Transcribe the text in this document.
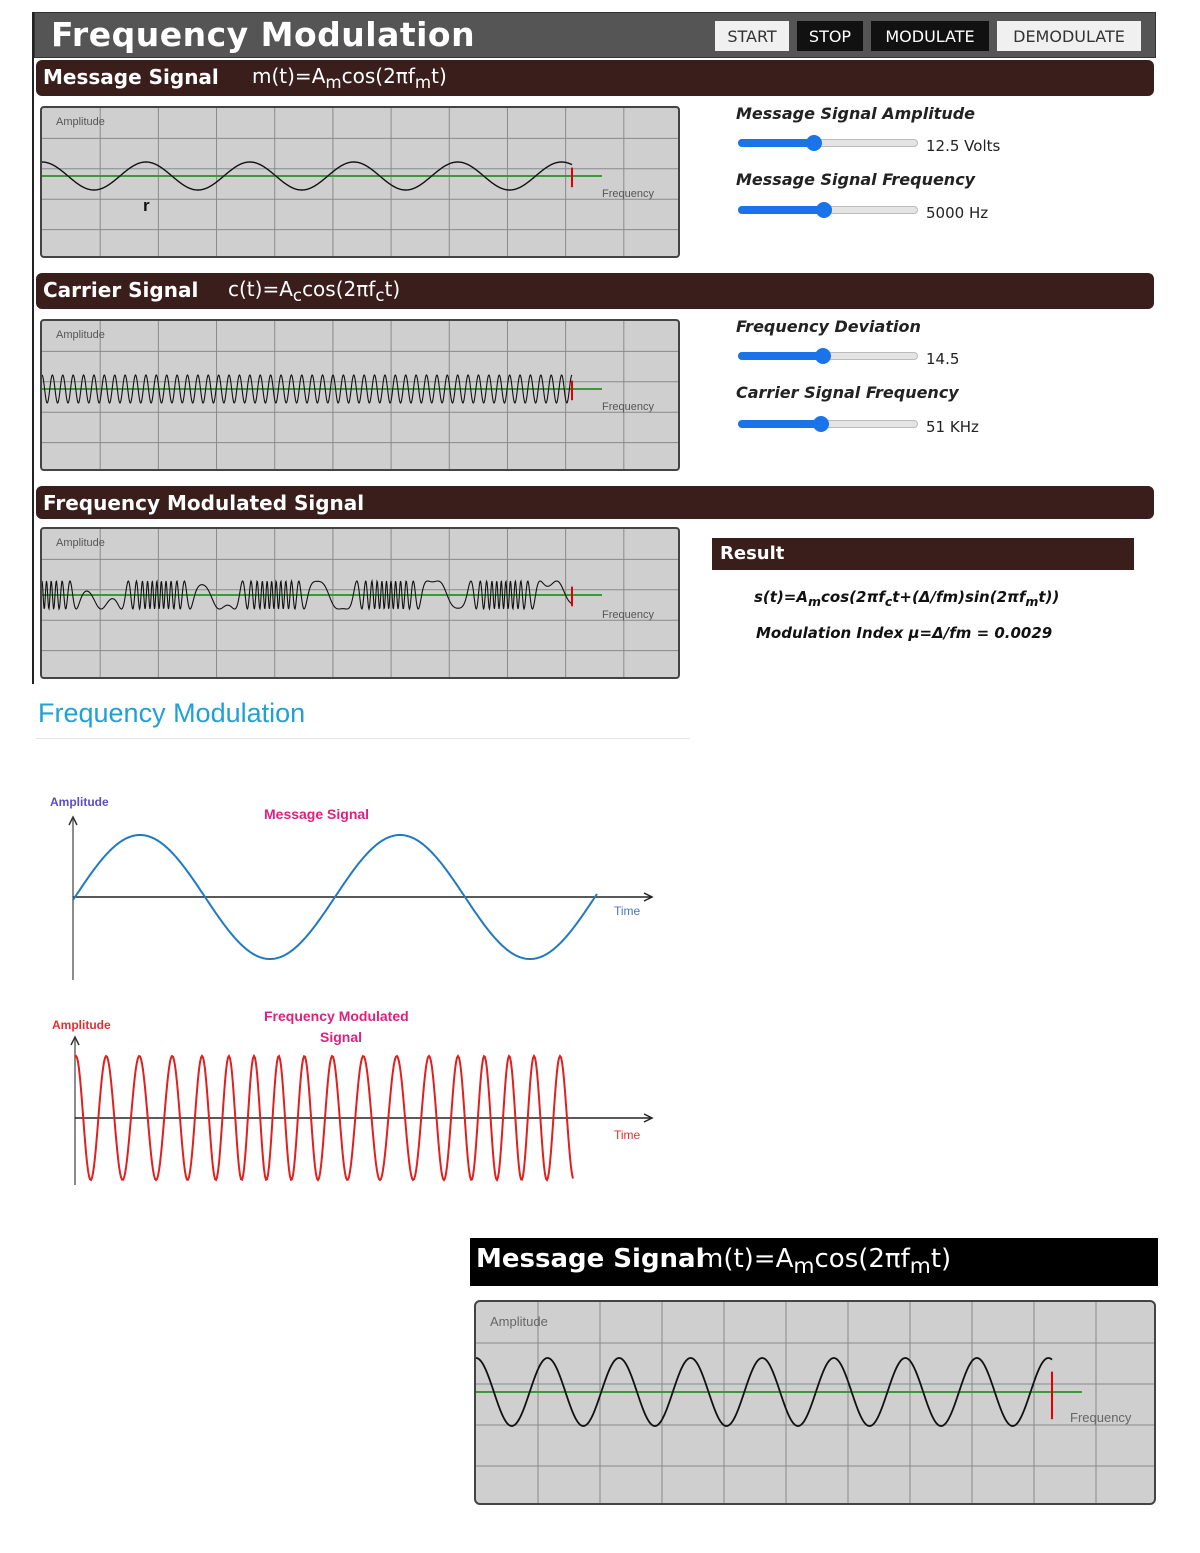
Frequency Modulation	START	STOP	MODULATE	DEMODULATE
Message Signal $m(t)=A_m\cos(2\pi f_mt)$
Amplitude
Frequency
r
Message Signal Amplitude
12.5 Volts
Message Signal Frequency
5000 Hz
Carrier Signal $c(t)=A_c\cos(2\pi f_ct)$
Amplitude
Frequency
Frequency Deviation
14.5
Carrier Signal Frequency
51 KHz
Frequency Modulated Signal
Amplitude
Frequency
Result
$s(t)=A_m\cos(2\pi f_ct+(\Delta/fm)\sin(2\pi f_mt))$
Modulation Index μ=Δ/fm = 0.0029
Frequency Modulation
Amplitude
Message Signal
Time
Amplitude
Frequency Modulated
Signal
Time
Message Signal
$m(t)=A_m\cos(2\pi f_mt)$
Amplitude
Frequency
